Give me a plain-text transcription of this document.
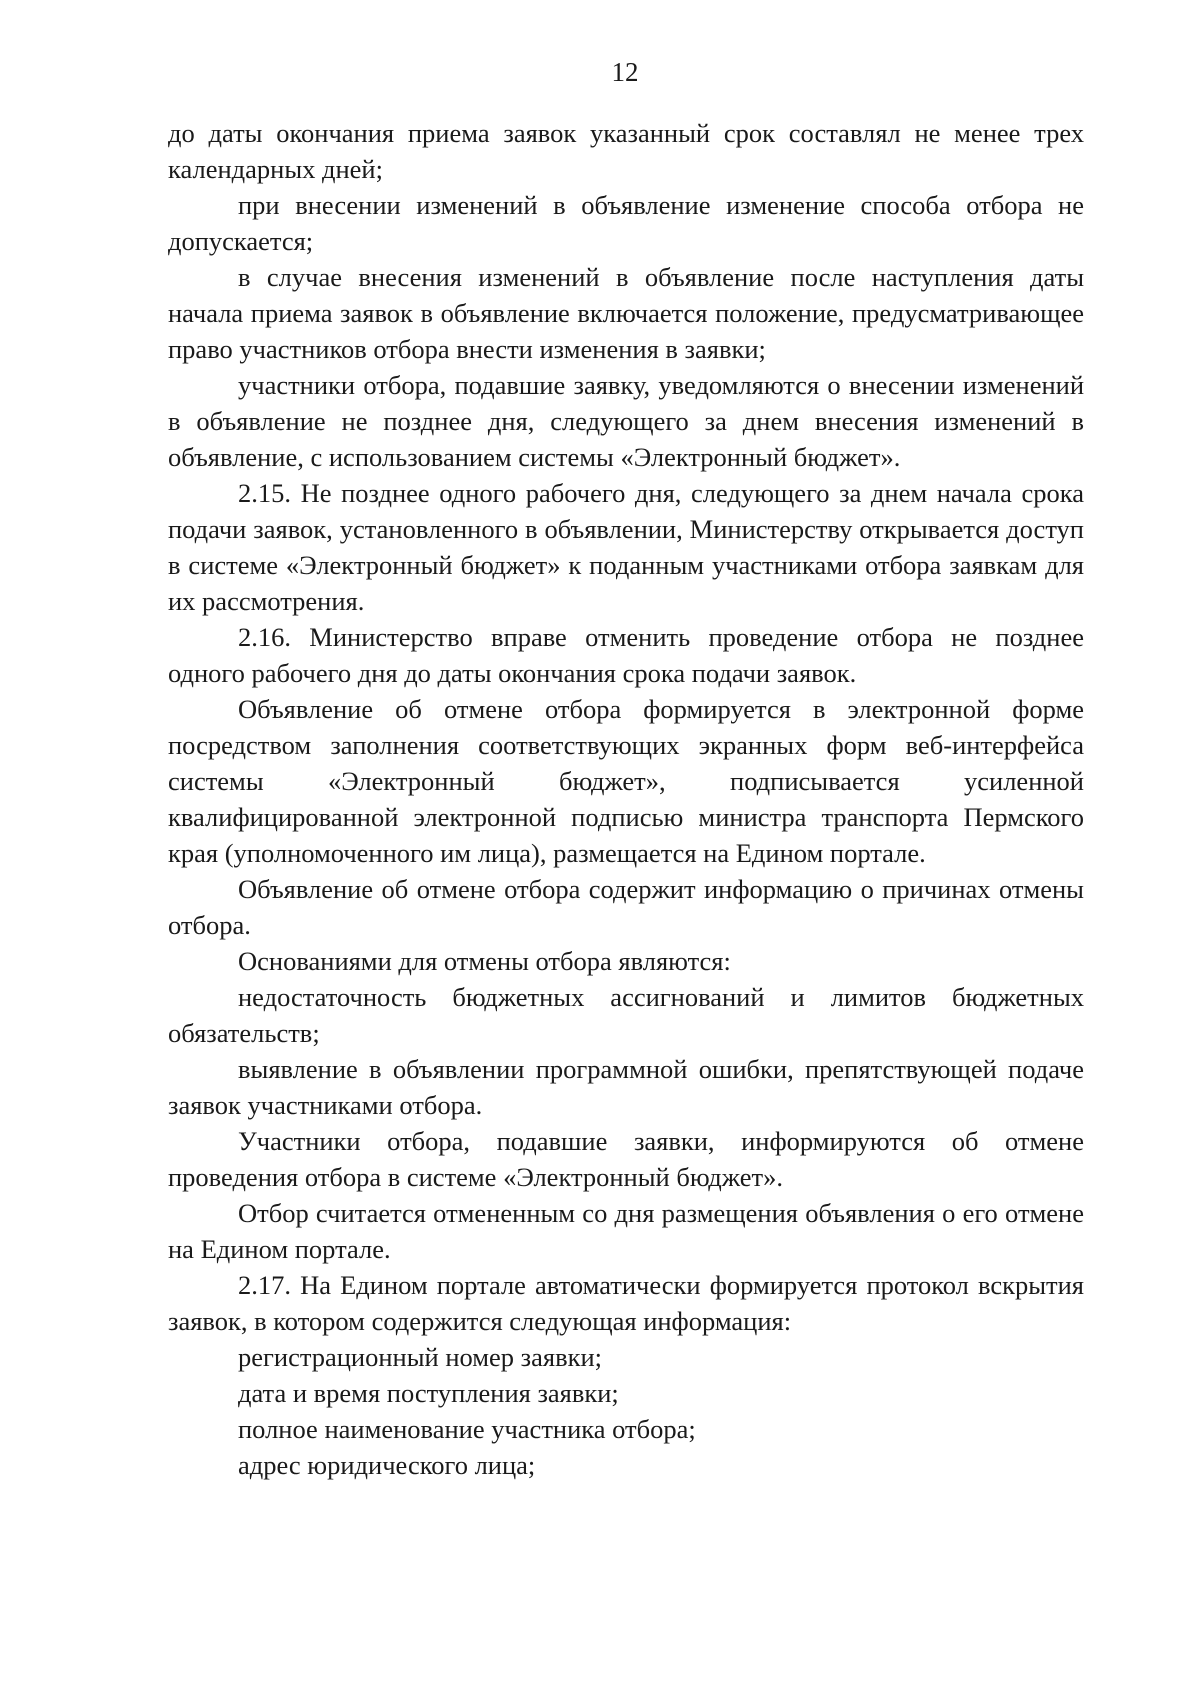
12

до даты окончания приема заявок указанный срок составлял не менее трех календарных дней;

при внесении изменений в объявление изменение способа отбора не допускается;

в случае внесения изменений в объявление после наступления даты начала приема заявок в объявление включается положение, предусматривающее право участников отбора внести изменения в заявки;

участники отбора, подавшие заявку, уведомляются о внесении изменений в объявление не позднее дня, следующего за днем внесения изменений в объявление, с использованием системы «Электронный бюджет».

2.15. Не позднее одного рабочего дня, следующего за днем начала срока подачи заявок, установленного в объявлении, Министерству открывается доступ в системе «Электронный бюджет» к поданным участниками отбора заявкам для их рассмотрения.

2.16. Министерство вправе отменить проведение отбора не позднее одного рабочего дня до даты окончания срока подачи заявок.

Объявление об отмене отбора формируется в электронной форме посредством заполнения соответствующих экранных форм веб-интерфейса системы «Электронный бюджет», подписывается усиленной квалифицированной электронной подписью министра транспорта Пермского края (уполномоченного им лица), размещается на Едином портале.

Объявление об отмене отбора содержит информацию о причинах отмены отбора.

Основаниями для отмены отбора являются:

недостаточность бюджетных ассигнований и лимитов бюджетных обязательств;

выявление в объявлении программной ошибки, препятствующей подаче заявок участниками отбора.

Участники отбора, подавшие заявки, информируются об отмене проведения отбора в системе «Электронный бюджет».

Отбор считается отмененным со дня размещения объявления о его отмене на Едином портале.

2.17. На Едином портале автоматически формируется протокол вскрытия заявок, в котором содержится следующая информация:

регистрационный номер заявки;

дата и время поступления заявки;

полное наименование участника отбора;

адрес юридического лица;
